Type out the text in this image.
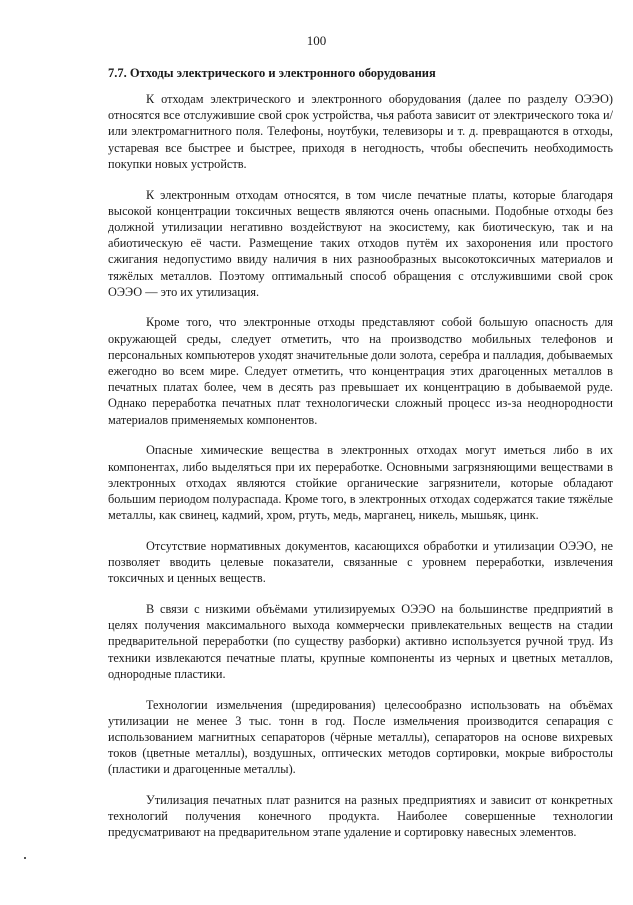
100
7.7. Отходы электрического и электронного оборудования

К отходам электрического и электронного оборудования (далее по разделу ОЭЭО) относятся все отслужившие свой срок устройства, чья работа зависит от электрического тока и/или электромагнитного поля. Телефоны, ноутбуки, телевизоры и т. д. превращаются в отходы, устаревая все быстрее и быстрее, приходя в негодность, чтобы обеспечить необходимость покупки новых устройств.

К электронным отходам относятся, в том числе печатные платы, которые благодаря высокой концентрации токсичных веществ являются очень опасными. Подобные отходы без должной утилизации негативно воздействуют на экосистему, как биотическую, так и на абиотическую её части. Размещение таких отходов путём их захоронения или простого сжигания недопустимо ввиду наличия в них разнообразных высокотоксичных материалов и тяжёлых металлов. Поэтому оптимальный способ обращения с отслужившими свой срок ОЭЭО — это их утилизация.

Кроме того, что электронные отходы представляют собой большую опасность для окружающей среды, следует отметить, что на производство мобильных телефонов и персональных компьютеров уходят значительные доли золота, серебра и палладия, добываемых ежегодно во всем мире. Следует отметить, что концентрация этих драгоценных металлов в печатных платах более, чем в десять раз превышает их концентрацию в добываемой руде. Однако переработка печатных плат технологически сложный процесс из-за неоднородности материалов применяемых компонентов.

Опасные химические вещества в электронных отходах могут иметься либо в их компонентах, либо выделяться при их переработке. Основными загрязняющими веществами в электронных отходах являются стойкие органические загрязнители, которые обладают большим периодом полураспада. Кроме того, в электронных отходах содержатся такие тяжёлые металлы, как свинец, кадмий, хром, ртуть, медь, марганец, никель, мышьяк, цинк.

Отсутствие нормативных документов, касающихся обработки и утилизации ОЭЭО, не позволяет вводить целевые показатели, связанные с уровнем переработки, извлечения токсичных и ценных веществ.

В связи с низкими объёмами утилизируемых ОЭЭО на большинстве предприятий в целях получения максимального выхода коммерчески привлекательных веществ на стадии предварительной переработки (по существу разборки) активно используется ручной труд. Из техники извлекаются печатные платы, крупные компоненты из черных и цветных металлов, однородные пластики.

Технологии измельчения (шредирования) целесообразно использовать на объёмах утилизации не менее 3 тыс. тонн в год. После измельчения производится сепарация с использованием магнитных сепараторов (чёрные металлы), сепараторов на основе вихревых токов (цветные металлы), воздушных, оптических методов сортировки, мокрые вибростолы (пластики и драгоценные металлы).

Утилизация печатных плат разнится на разных предприятиях и зависит от конкретных технологий получения конечного продукта. Наиболее совершенные технологии предусматривают на предварительном этапе удаление и сортировку навесных элементов.
